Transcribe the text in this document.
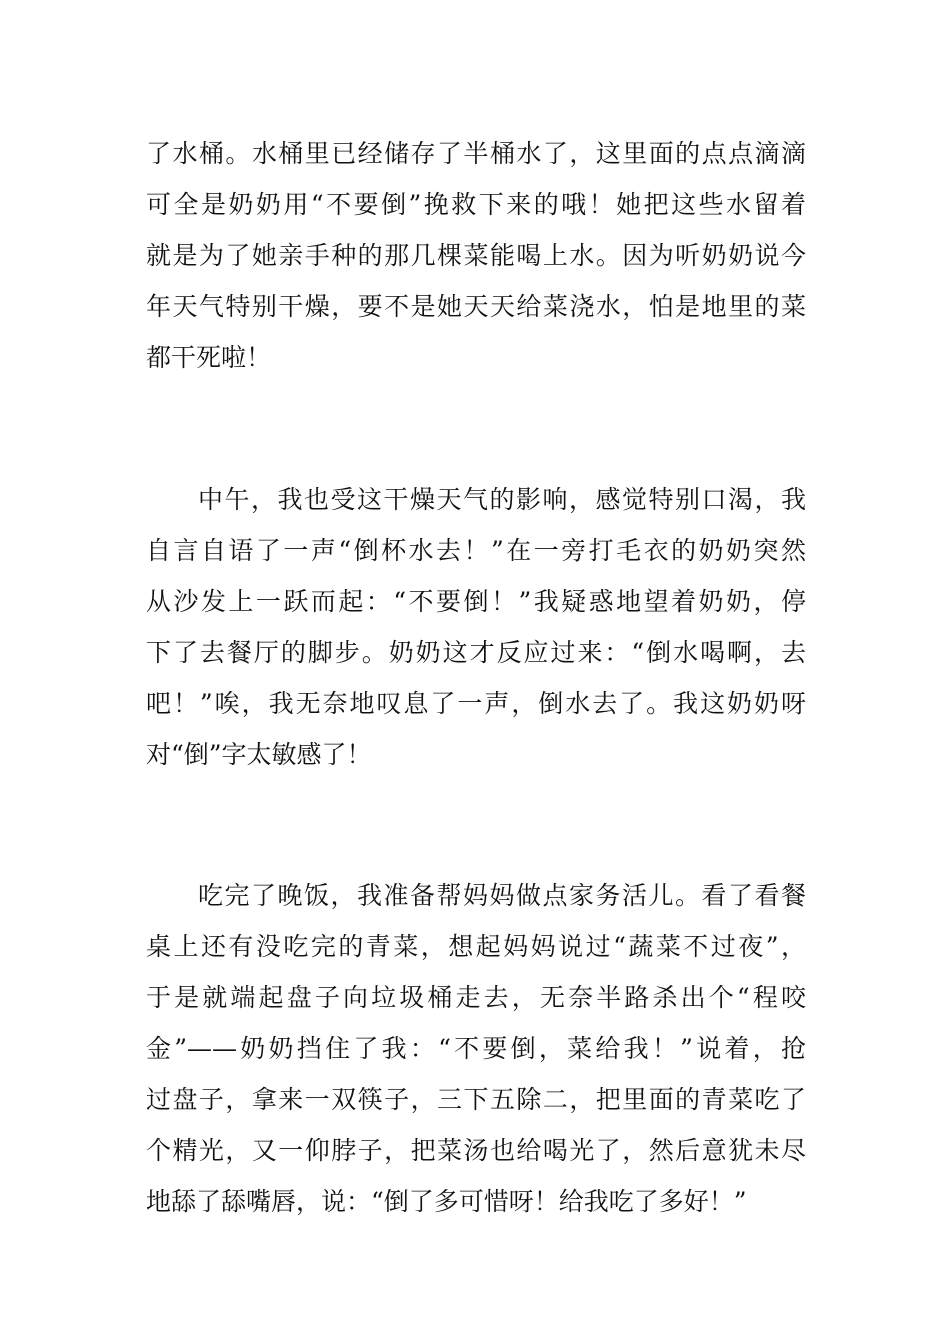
了水桶。水桶里已经储存了半桶水了，这里面的点点滴滴
可全是奶奶用“不要倒”挽救下来的哦！她把这些水留着
就是为了她亲手种的那几棵菜能喝上水。因为听奶奶说今
年天气特别干燥，要不是她天天给菜浇水，怕是地里的菜
都干死啦！
中午，我也受这干燥天气的影响，感觉特别口渴，我
自言自语了一声“倒杯水去！”在一旁打毛衣的奶奶突然
从沙发上一跃而起：“不要倒！”我疑惑地望着奶奶，停
下了去餐厅的脚步。奶奶这才反应过来：“倒水喝啊，去
吧！”唉，我无奈地叹息了一声，倒水去了。我这奶奶呀
对“倒”字太敏感了！
吃完了晚饭，我准备帮妈妈做点家务活儿。看了看餐
桌上还有没吃完的青菜，想起妈妈说过“蔬菜不过夜”，
于是就端起盘子向垃圾桶走去，无奈半路杀出个“程咬
金”——奶奶挡住了我：“不要倒，菜给我！”说着，抢
过盘子，拿来一双筷子，三下五除二，把里面的青菜吃了
个精光，又一仰脖子，把菜汤也给喝光了，然后意犹未尽
地舔了舔嘴唇，说：“倒了多可惜呀！给我吃了多好！”
